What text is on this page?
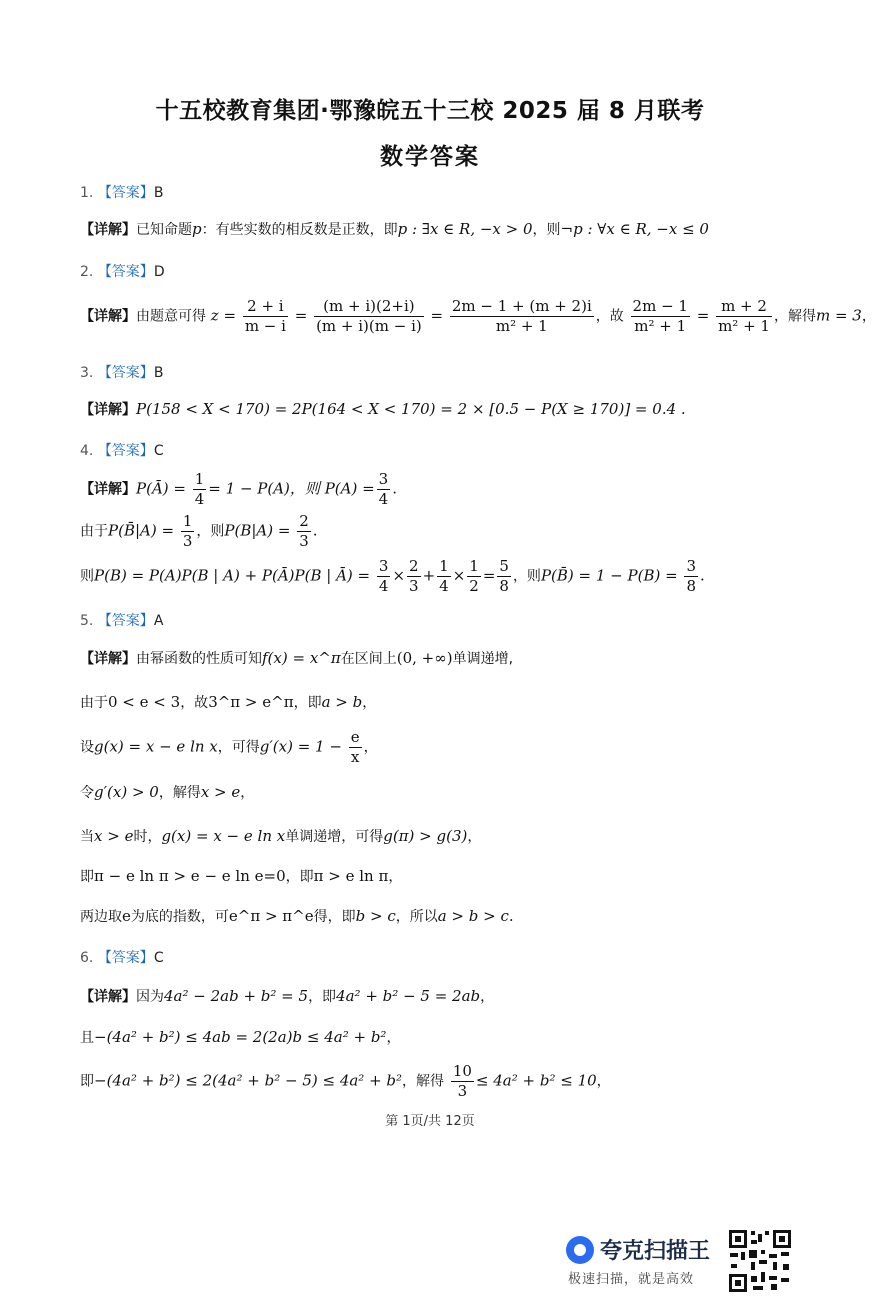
十五校教育集团·鄂豫皖五十三校 2025 届 8 月联考
数学答案
1. 【答案】B
【详解】已知命题p：有些实数的相反数是正数，即p : ∃x ∈ R, −x > 0，则¬p : ∀x ∈ R, −x ≤ 0
2. 【答案】D
【详解】由题意可得 $z = \frac{2 + i}{m - i} = \frac{(m + i)(2+i)}{(m + i)(m - i)} = \frac{2m - 1 + (m + 2)i}{\text{m² + 1}}$ ，故 $\frac{2m - 1}{\text{m² + 1}} = \frac{m + 2}{\text{m² + 1}}$ ，解得m = 3，
3. 【答案】B
【详解】P(158 < X < 170) = 2P(164 < X < 170) = 2 × [0.5 − P(X ≥ 170)] = 0.4 .
4. 【答案】C
【详解】P(Ā) = $\frac{1}{4} = 1 - P(A)$，则 $P(A) = \frac{3}{4}$ .
由于P(B̄|A) = $\frac{1}{3}$ ，则$P(B|A) = \frac{2}{3}$ .
则P(B) = P(A)P(B | A) + P(Ā)P(B | Ā) = $\frac{3}{4} \times \frac{2}{3} + \frac{1}{4} \times \frac{1}{2} = \frac{5}{8}$ ，则P(B̄) = $1 - P(B) = \frac{3}{8}$ .
5. 【答案】A
【详解】由幂函数的性质可知f(x) = x^π在区间上(0, +∞)单调递增,
由于0 < e < 3，故3^π > e^π，即a > b，
设g(x) = x − e ln x，可得$g'(x) = 1 - \frac{e}{x}$ ，
令g′(x) > 0，解得x > e，
当x > e时，g(x) = x − e ln x单调递增，可得g(π) > g(3)，
即π − e ln π > e − e ln e=0，即π > e ln π，
两边取e为底的指数，可e^π > π^e得，即b > c，所以a > b > c.
6. 【答案】C
【详解】因为4a² − 2ab + b² = 5，即4a² + b² − 5 = 2ab，
且−(4a² + b²) ≤ 4ab = 2(2a)b ≤ 4a² + b²，
即−(4a² + b²) ≤ 2(4a² + b² − 5) ≤ 4a² + b²，解得 $\frac{10}{3} \le 4a^2 + b^2 \le 10$，
第 1页/共 12页
夸克扫描王
极速扫描，就是高效
